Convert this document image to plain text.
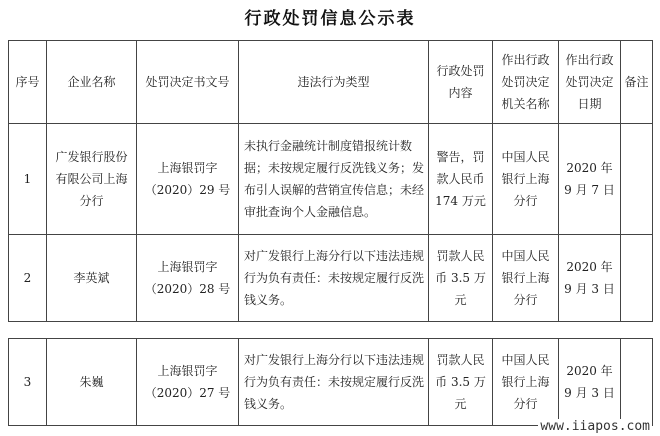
行政处罚信息公示表
序号	企业名称	处罚决定书文号	违法行为类型	行政处罚内容	作出行政处罚决定机关名称	作出行政处罚决定日期	备注
1	广发银行股份有限公司上海分行	上海银罚字（2020）29 号	未执行金融统计制度错报统计数据；未按规定履行反洗钱义务；发布引人误解的营销宣传信息；未经审批查询个人金融信息。	警告，罚款人民币174 万元	中国人民银行上海分行	2020 年 9 月 7 日	
2	李英斌	上海银罚字（2020）28 号	对广发银行上海分行以下违法违规行为负有责任：未按规定履行反洗钱义务。	罚款人民币 3.5 万元	中国人民银行上海分行	2020 年 9 月 3 日	
3	朱巍	上海银罚字（2020）27 号	对广发银行上海分行以下违法违规行为负有责任：未按规定履行反洗钱义务。	罚款人民币 3.5 万元	中国人民银行上海分行	2020 年 9 月 3 日	
www.iiapos.com
